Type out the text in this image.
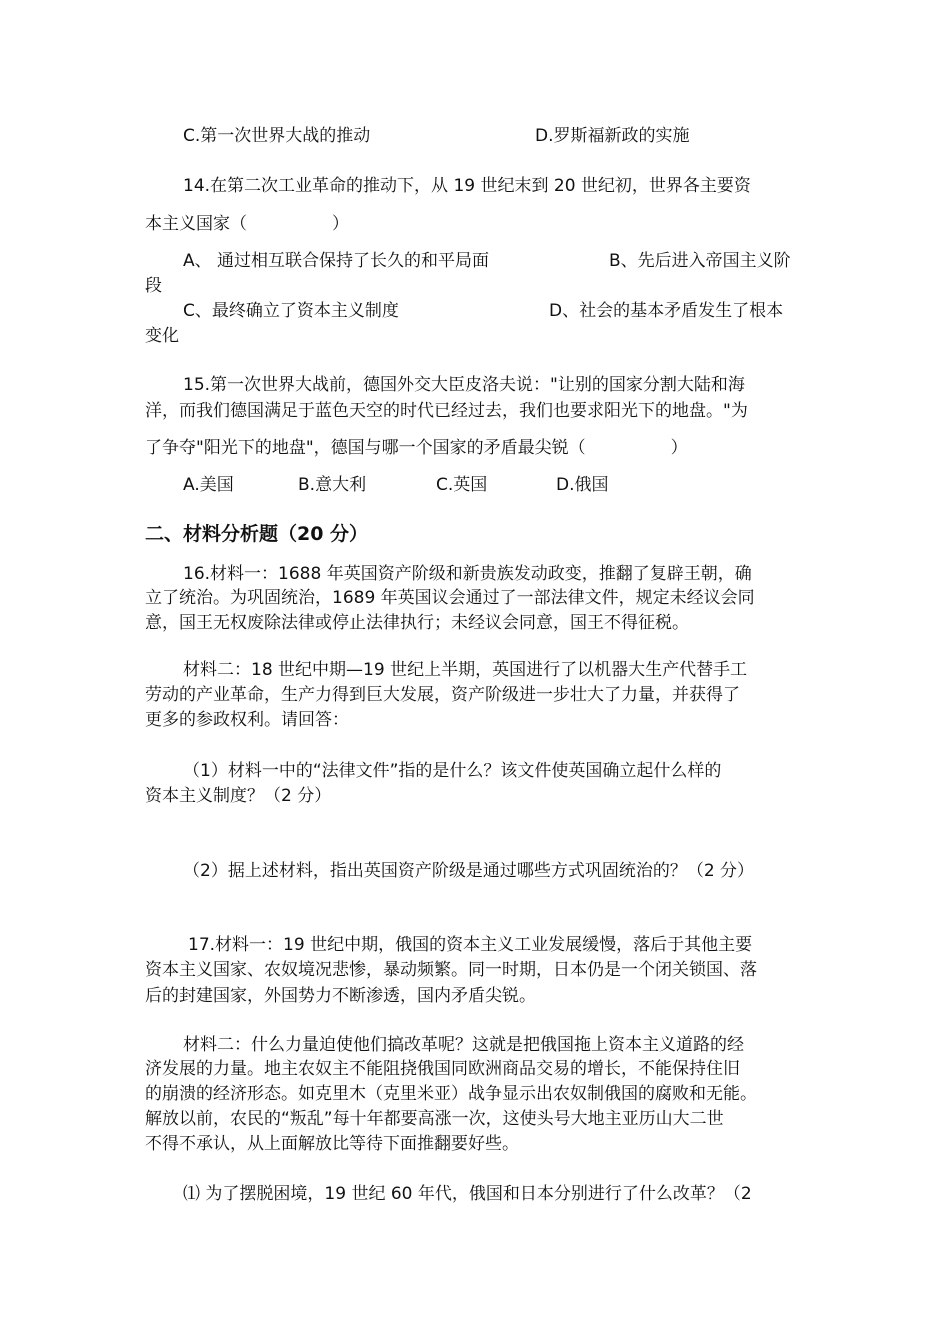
C.第一次世界大战的推动	D.罗斯福新政的实施
14.在第二次工业革命的推动下，从 19 世纪末到 20 世纪初，世界各主要资
本主义国家（　　　　　）
A、 通过相互联合保持了长久的和平局面	B、先后进入帝国主义阶
段
C、最终确立了资本主义制度	D、社会的基本矛盾发生了根本
变化
15.第一次世界大战前，德国外交大臣皮洛夫说："让别的国家分割大陆和海
洋，而我们德国满足于蓝色天空的时代已经过去，我们也要求阳光下的地盘。"为
了争夺"阳光下的地盘"，德国与哪一个国家的矛盾最尖锐（　　　　　）
A.美国	B.意大利	C.英国	D.俄国
二、材料分析题（20 分）
16.材料一：1688 年英国资产阶级和新贵族发动政变，推翻了复辟王朝，确
立了统治。为巩固统治，1689 年英国议会通过了一部法律文件，规定未经议会同
意，国王无权废除法律或停止法律执行；未经议会同意，国王不得征税。
材料二：18 世纪中期—19 世纪上半期，英国进行了以机器大生产代替手工
劳动的产业革命，生产力得到巨大发展，资产阶级进一步壮大了力量，并获得了
更多的参政权利。请回答：
（1）材料一中的“法律文件”指的是什么？该文件使英国确立起什么样的
资本主义制度？（2 分）
（2）据上述材料，指出英国资产阶级是通过哪些方式巩固统治的？（2 分）
17.材料一：19 世纪中期，俄国的资本主义工业发展缓慢，落后于其他主要
资本主义国家、农奴境况悲惨，暴动频繁。同一时期，日本仍是一个闭关锁国、落
后的封建国家，外国势力不断渗透，国内矛盾尖锐。
材料二：什么力量迫使他们搞改革呢？这就是把俄国拖上资本主义道路的经
济发展的力量。地主农奴主不能阻挠俄国同欧洲商品交易的增长，不能保持住旧
的崩溃的经济形态。如克里木（克里米亚）战争显示出农奴制俄国的腐败和无能。
解放以前，农民的“叛乱”每十年都要高涨一次，这使头号大地主亚历山大二世
不得不承认，从上面解放比等待下面推翻要好些。
⑴ 为了摆脱困境，19 世纪 60 年代，俄国和日本分别进行了什么改革？（2
